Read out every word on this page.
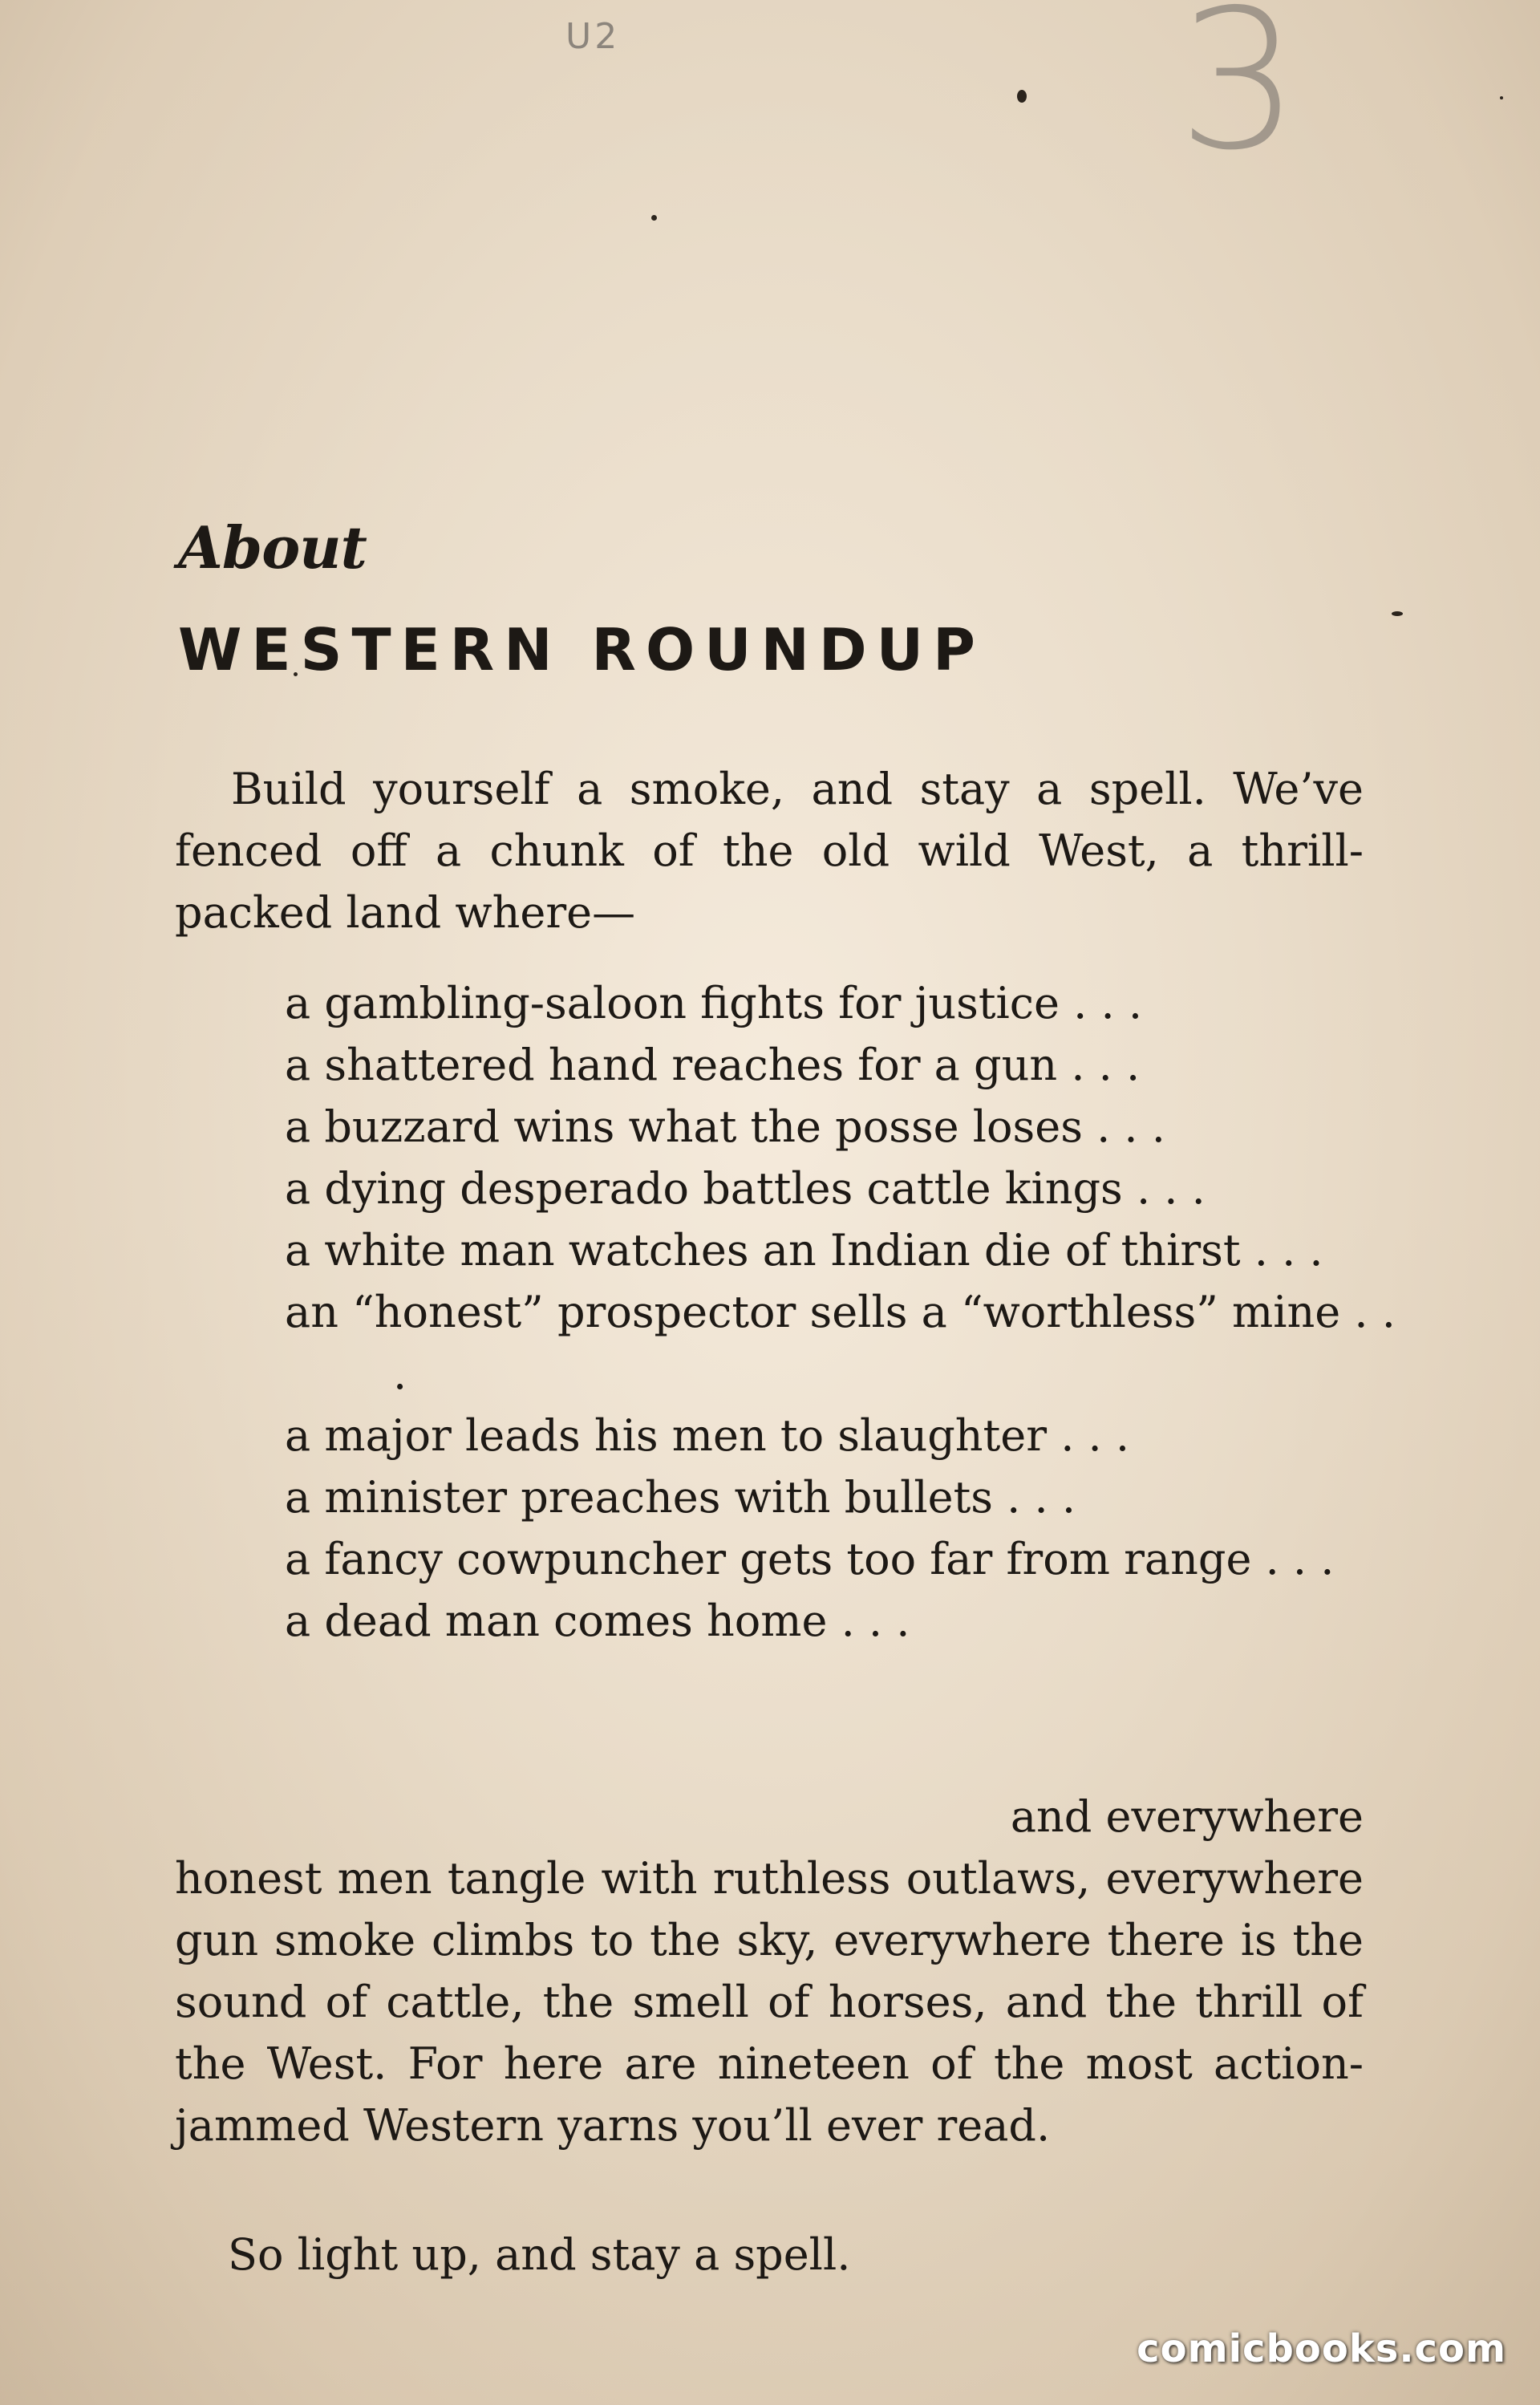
U2	3
About
WESTERN ROUNDUP

Build yourself a smoke, and stay a spell. We’ve fenced off a chunk of the old wild West, a thrill-packed land where—

a gambling-saloon fights for justice . . .
a shattered hand reaches for a gun . . .
a buzzard wins what the posse loses . . .
a dying desperado battles cattle kings . . .
a white man watches an Indian die of thirst . . .
an “honest” prospector sells a “worthless” mine . . .
a major leads his men to slaughter . . .
a minister preaches with bullets . . .
a fancy cowpuncher gets too far from range . . .
a dead man comes home . . .
and everywhere

honest men tangle with ruthless outlaws, everywhere gun smoke climbs to the sky, everywhere there is the sound of cattle, the smell of horses, and the thrill of the West. For here are nineteen of the most action-jammed Western yarns you’ll ever read.

So light up, and stay a spell.

comicbooks.com
